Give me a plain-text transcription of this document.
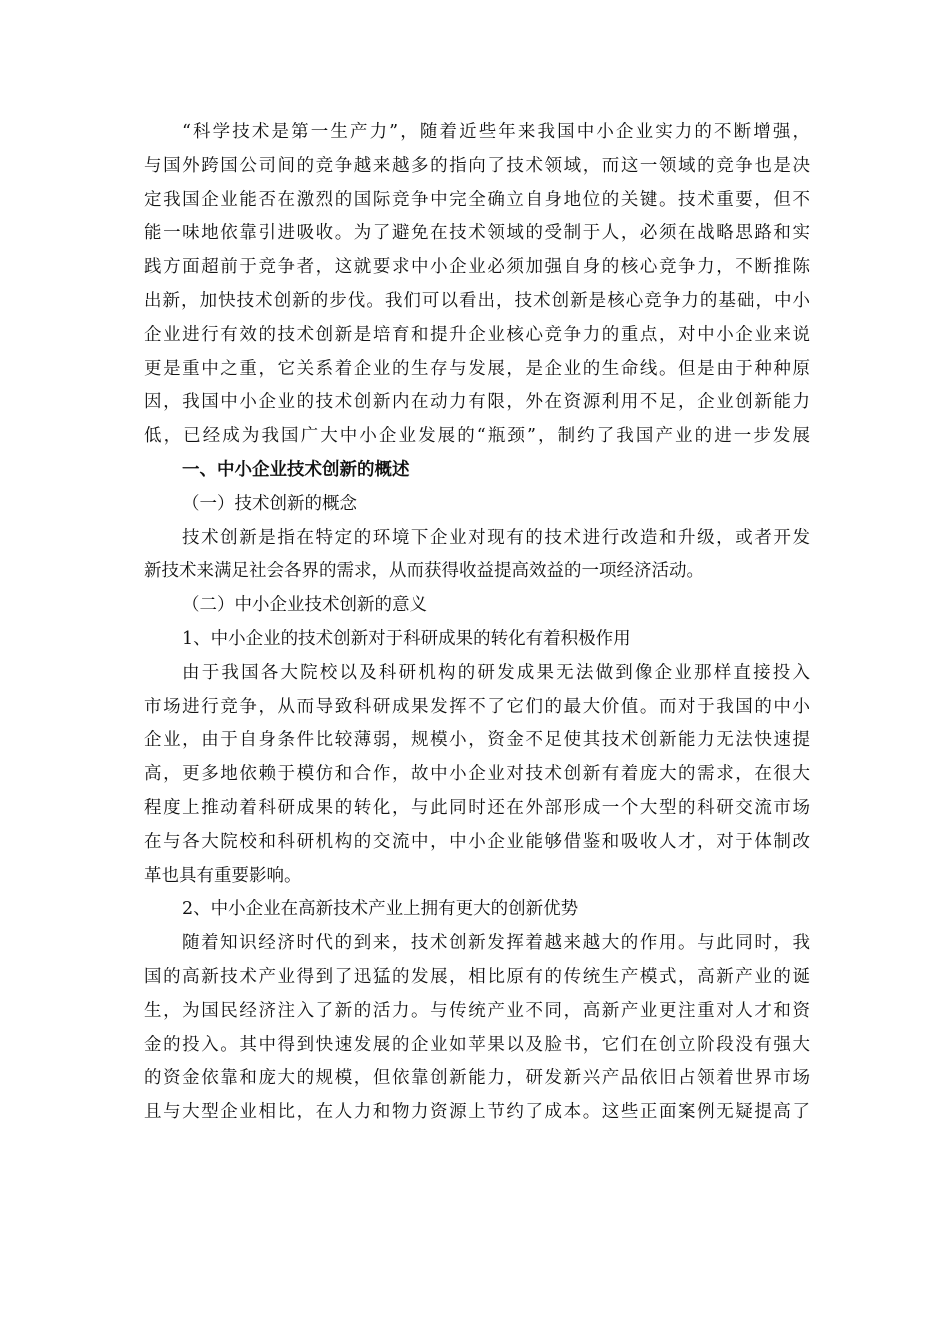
“科学技术是第一生产力”，随着近些年来我国中小企业实力的不断增强，
与国外跨国公司间的竞争越来越多的指向了技术领域，而这一领域的竞争也是决
定我国企业能否在激烈的国际竞争中完全确立自身地位的关键。技术重要，但不
能一味地依靠引进吸收。为了避免在技术领域的受制于人，必须在战略思路和实
践方面超前于竞争者，这就要求中小企业必须加强自身的核心竞争力，不断推陈
出新，加快技术创新的步伐。我们可以看出，技术创新是核心竞争力的基础，中小
企业进行有效的技术创新是培育和提升企业核心竞争力的重点，对中小企业来说
更是重中之重，它关系着企业的生存与发展，是企业的生命线。但是由于种种原
因，我国中小企业的技术创新内在动力有限，外在资源利用不足，企业创新能力
低，已经成为我国广大中小企业发展的“瓶颈”，制约了我国产业的进一步发展
一、中小企业技术创新的概述
（一）技术创新的概念
技术创新是指在特定的环境下企业对现有的技术进行改造和升级，或者开发
新技术来满足社会各界的需求，从而获得收益提高效益的一项经济活动。
（二）中小企业技术创新的意义
1、中小企业的技术创新对于科研成果的转化有着积极作用
由于我国各大院校以及科研机构的研发成果无法做到像企业那样直接投入
市场进行竞争，从而导致科研成果发挥不了它们的最大价值。而对于我国的中小
企业，由于自身条件比较薄弱，规模小，资金不足使其技术创新能力无法快速提
高，更多地依赖于模仿和合作，故中小企业对技术创新有着庞大的需求，在很大
程度上推动着科研成果的转化，与此同时还在外部形成一个大型的科研交流市场
在与各大院校和科研机构的交流中，中小企业能够借鉴和吸收人才，对于体制改
革也具有重要影响。
2、中小企业在高新技术产业上拥有更大的创新优势
随着知识经济时代的到来，技术创新发挥着越来越大的作用。与此同时，我
国的高新技术产业得到了迅猛的发展，相比原有的传统生产模式，高新产业的诞
生，为国民经济注入了新的活力。与传统产业不同，高新产业更注重对人才和资
金的投入。其中得到快速发展的企业如苹果以及脸书，它们在创立阶段没有强大
的资金依靠和庞大的规模，但依靠创新能力，研发新兴产品依旧占领着世界市场
且与大型企业相比，在人力和物力资源上节约了成本。这些正面案例无疑提高了
